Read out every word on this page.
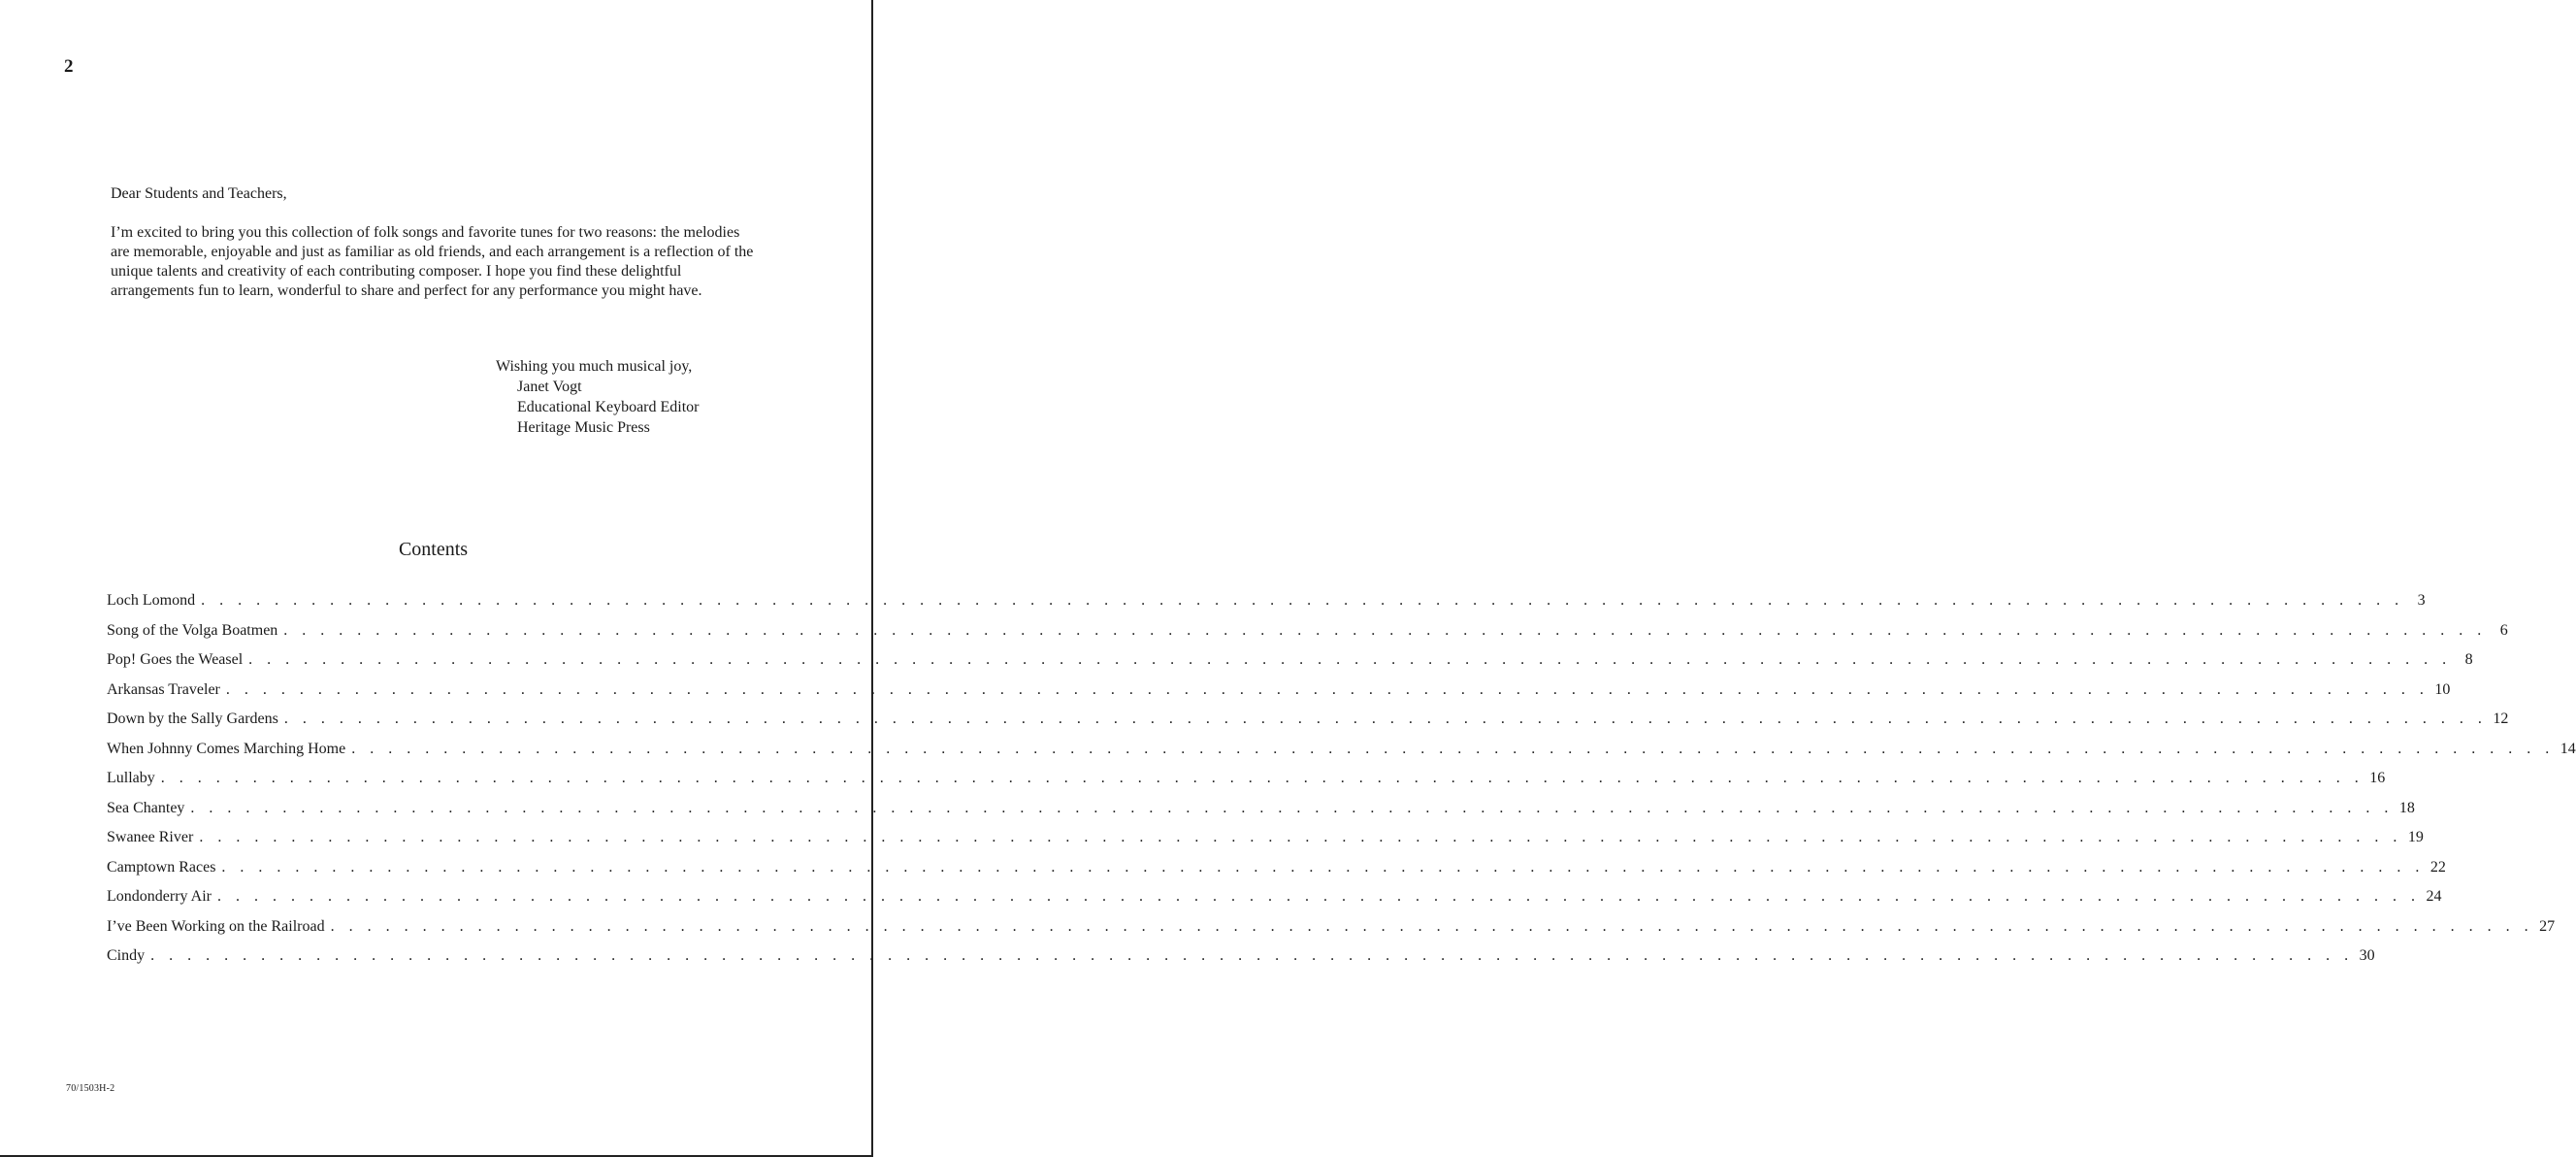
2

Dear Students and Teachers,

I’m excited to bring you this collection of folk songs and favorite tunes for two reasons: the melodies are memorable, enjoyable and just as familiar as old friends, and each arrangement is a reflection of the unique talents and creativity of each contributing composer. I hope you find these delightful arrangements fun to learn, wonderful to share and perfect for any performance you might have.

Wishing you much musical joy,
Janet Vogt
Educational Keyboard Editor
Heritage Music Press
Contents
Loch Lomond . . . . . . . . . . . . . . . . . . . . . . . . . . . . . . . . . . . . . . . . . . . . . . . . . . . . . . . . . . . . . . . . . . . . . . . . . . . . . . . . . . . . . . . . . . . . . . . . . . . . . . . . . . . . . . . . . . . . . . . . 3
Song of the Volga Boatmen . . . . . . . . . . . . . . . . . . . . . . . . . . . . . . . . . . . . . . . . . . . . . . . . . . . . . . . . . . . . . . . . . . . . . . . . . . . . . . . . . . . . . . . . . . . . . . . . . . . . . . . . . . . . . . . . . . . . . . . . 6
Pop! Goes the Weasel . . . . . . . . . . . . . . . . . . . . . . . . . . . . . . . . . . . . . . . . . . . . . . . . . . . . . . . . . . . . . . . . . . . . . . . . . . . . . . . . . . . . . . . . . . . . . . . . . . . . . . . . . . . . . . . . . . . . . . . . 8
Arkansas Traveler . . . . . . . . . . . . . . . . . . . . . . . . . . . . . . . . . . . . . . . . . . . . . . . . . . . . . . . . . . . . . . . . . . . . . . . . . . . . . . . . . . . . . . . . . . . . . . . . . . . . . . . . . . . . . . . . . . . . . . . . 10
Down by the Sally Gardens . . . . . . . . . . . . . . . . . . . . . . . . . . . . . . . . . . . . . . . . . . . . . . . . . . . . . . . . . . . . . . . . . . . . . . . . . . . . . . . . . . . . . . . . . . . . . . . . . . . . . . . . . . . . . . . . . . . . . . . . 12
When Johnny Comes Marching Home . . . . . . . . . . . . . . . . . . . . . . . . . . . . . . . . . . . . . . . . . . . . . . . . . . . . . . . . . . . . . . . . . . . . . . . . . . . . . . . . . . . . . . . . . . . . . . . . . . . . . . . . . . . . . . . . . . . . . . . . 14
Lullaby . . . . . . . . . . . . . . . . . . . . . . . . . . . . . . . . . . . . . . . . . . . . . . . . . . . . . . . . . . . . . . . . . . . . . . . . . . . . . . . . . . . . . . . . . . . . . . . . . . . . . . . . . . . . . . . . . . . . . . . . 16
Sea Chantey . . . . . . . . . . . . . . . . . . . . . . . . . . . . . . . . . . . . . . . . . . . . . . . . . . . . . . . . . . . . . . . . . . . . . . . . . . . . . . . . . . . . . . . . . . . . . . . . . . . . . . . . . . . . . . . . . . . . . . . . 18
Swanee River . . . . . . . . . . . . . . . . . . . . . . . . . . . . . . . . . . . . . . . . . . . . . . . . . . . . . . . . . . . . . . . . . . . . . . . . . . . . . . . . . . . . . . . . . . . . . . . . . . . . . . . . . . . . . . . . . . . . . . . . 19
Camptown Races . . . . . . . . . . . . . . . . . . . . . . . . . . . . . . . . . . . . . . . . . . . . . . . . . . . . . . . . . . . . . . . . . . . . . . . . . . . . . . . . . . . . . . . . . . . . . . . . . . . . . . . . . . . . . . . . . . . . . . . . 22
Londonderry Air . . . . . . . . . . . . . . . . . . . . . . . . . . . . . . . . . . . . . . . . . . . . . . . . . . . . . . . . . . . . . . . . . . . . . . . . . . . . . . . . . . . . . . . . . . . . . . . . . . . . . . . . . . . . . . . . . . . . . . . . 24
I’ve Been Working on the Railroad . . . . . . . . . . . . . . . . . . . . . . . . . . . . . . . . . . . . . . . . . . . . . . . . . . . . . . . . . . . . . . . . . . . . . . . . . . . . . . . . . . . . . . . . . . . . . . . . . . . . . . . . . . . . . . . . . . . . . . . . 27
Cindy . . . . . . . . . . . . . . . . . . . . . . . . . . . . . . . . . . . . . . . . . . . . . . . . . . . . . . . . . . . . . . . . . . . . . . . . . . . . . . . . . . . . . . . . . . . . . . . . . . . . . . . . . . . . . . . . . . . . . . . . 30
70/1503H-2
